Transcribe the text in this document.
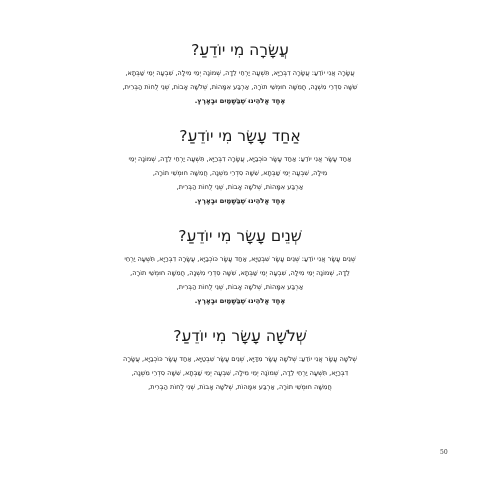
עֲשָׂרָה מִי יוֹדֵעַ?

עֲשָׂרָה אֲנִי יוֹדֵעַ: עֲשָׂרָה דִבְּרַיָּא, תִּשְׁעָה יַרְחֵי לֵדָה, שְׁמוֹנָה יְמֵי מִילָה, שִׁבְעָה יְמֵי שַׁבְּתָא,

שִׁשָּׁה סִדְרֵי מִשְׁנָה, חֲמִשָּׁה חוּמְשֵׁי תוֹרָה, אַרְבַּע אִמָּהוֹת, שְׁלֹשָׁה אָבוֹת, שְׁנֵי לֻחוֹת הַבְּרִית,

אֶחָד אֱלֹהֵינוּ שֶׁבַּשָּׁמַיִם וּבָאָרֶץ.

אַחַד עָשָׂר מִי יוֹדֵעַ?

אַחַד עָשָׂר אֲנִי יוֹדֵעַ: אַחַד עָשָׂר כּוֹכְבַיָּא, עֲשָׂרָה דִבְּרַיָּא, תִּשְׁעָה יַרְחֵי לֵדָה, שְׁמוֹנָה יְמֵי

מִילָה, שִׁבְעָה יְמֵי שַׁבְּתָא, שִׁשָּׁה סִדְרֵי מִשְׁנָה, חֲמִשָּׁה חוּמְשֵׁי תוֹרָה,

אַרְבַּע אִמָּהוֹת, שְׁלֹשָׁה אָבוֹת, שְׁנֵי לֻחוֹת הַבְּרִית,

אֶחָד אֱלֹהֵינוּ שֶׁבַּשָּׁמַיִם וּבָאָרֶץ.

שְׁנֵים עָשָׂר מִי יוֹדֵעַ?

שְׁנֵים עָשָׂר אֲנִי יוֹדֵעַ: שְׁנֵים עָשָׂר שִׁבְטַיָּא, אַחַד עָשָׂר כּוֹכְבַיָּא, עֲשָׂרָה דִבְּרַיָּא, תִּשְׁעָה יַרְחֵי

לֵדָה, שְׁמוֹנָה יְמֵי מִילָה, שִׁבְעָה יְמֵי שַׁבְּתָא, שִׁשָּׁה סִדְרֵי מִשְׁנָה, חֲמִשָּׁה חוּמְשֵׁי תוֹרָה,

אַרְבַּע אִמָּהוֹת, שְׁלֹשָׁה אָבוֹת, שְׁנֵי לֻחוֹת הַבְּרִית,

אֶחָד אֱלֹהֵינוּ שֶׁבַּשָּׁמַיִם וּבָאָרֶץ.

שְׁלֹשָׁה עָשָׂר מִי יוֹדֵעַ?

שְׁלֹשָׁה עָשָׂר אֲנִי יוֹדֵעַ: שְׁלֹשָׁה עָשָׂר מִדַּיָּא, שְׁנֵים עָשָׂר שִׁבְטַיָּא, אַחַד עָשָׂר כּוֹכְבַיָּא, עֲשָׂרָה

דִבְּרַיָּא, תִּשְׁעָה יַרְחֵי לֵדָה, שְׁמוֹנָה יְמֵי מִילָה, שִׁבְעָה יְמֵי שַׁבְּתָא, שִׁשָּׁה סִדְרֵי מִשְׁנָה,

חֲמִשָּׁה חוּמְשֵׁי תוֹרָה, אַרְבַּע אִמָּהוֹת, שְׁלֹשָׁה אָבוֹת, שְׁנֵי לֻחוֹת הַבְּרִית,

50
